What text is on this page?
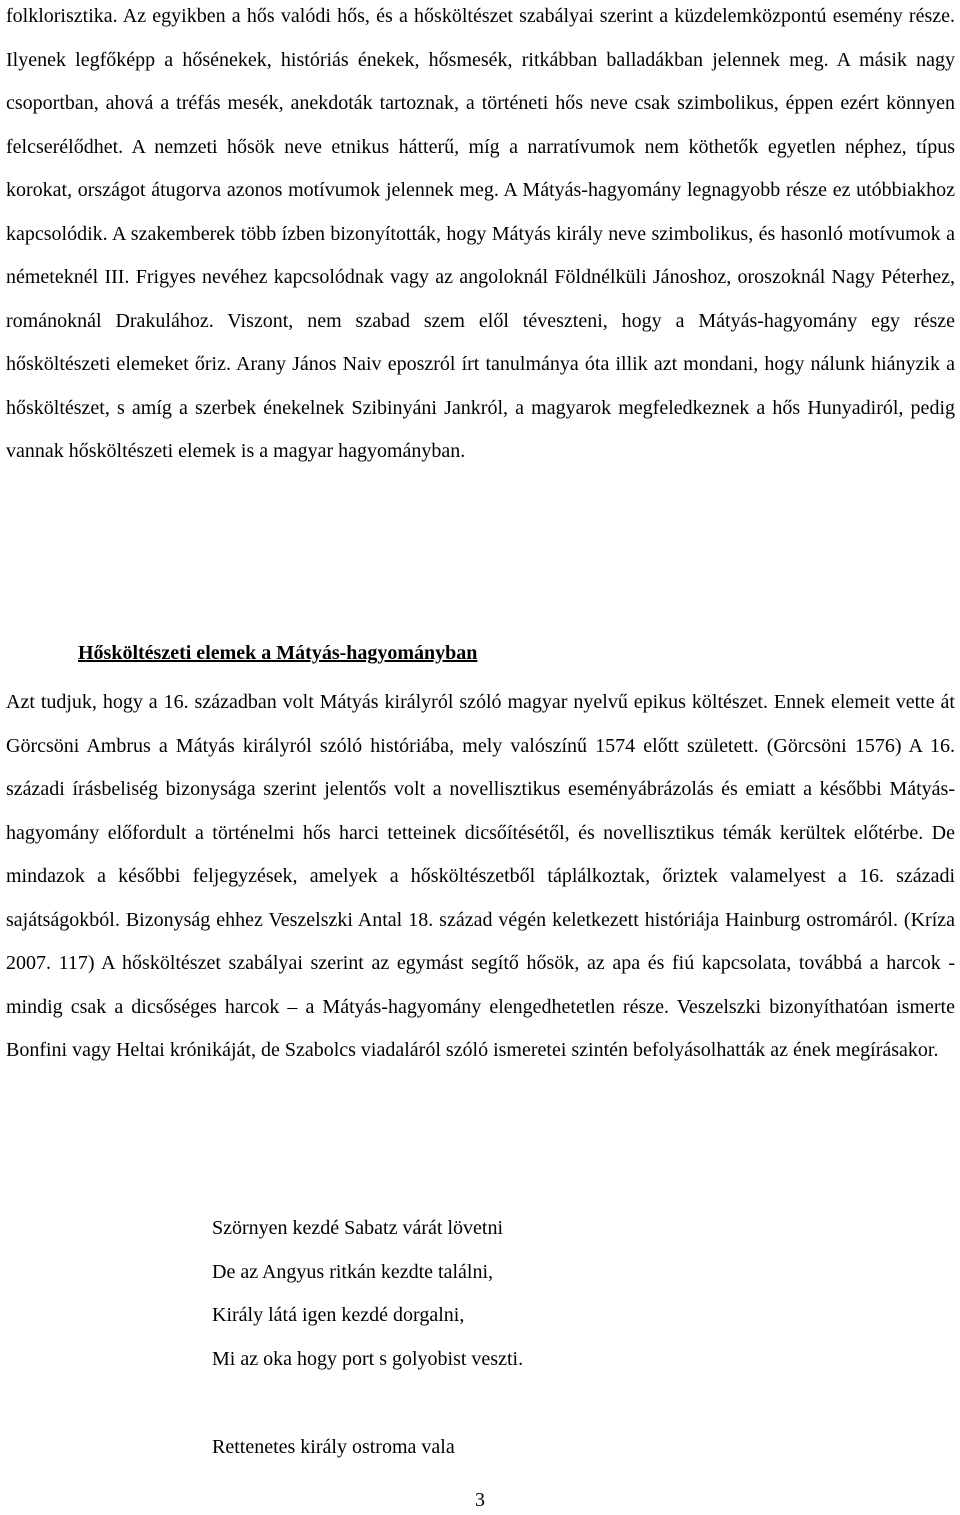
folklorisztika. Az egyikben a hős valódi hős, és a hősköltészet szabályai szerint a küzdelemközpontú esemény része. Ilyenek legfőképp a hősénekek, históriás énekek, hősmesék, ritkábban balladákban jelennek meg. A másik nagy csoportban, ahová a tréfás mesék, anekdoták tartoznak, a történeti hős neve csak szimbolikus, éppen ezért könnyen felcserélődhet. A nemzeti hősök neve etnikus hátterű, míg a narratívumok nem köthetők egyetlen néphez, típus korokat, országot átugorva azonos motívumok jelennek meg. A Mátyás-hagyomány legnagyobb része ez utóbbiakhoz kapcsolódik. A szakemberek több ízben bizonyították, hogy Mátyás király neve szimbolikus, és hasonló motívumok a németeknél III. Frigyes nevéhez kapcsolódnak vagy az angoloknál Földnélküli Jánoshoz, oroszoknál Nagy Péterhez, románoknál Drakulához. Viszont, nem szabad szem elől téveszteni, hogy a Mátyás-hagyomány egy része hősköltészeti elemeket őriz. Arany János Naiv eposzról írt tanulmánya óta illik azt mondani, hogy nálunk hiányzik a hősköltészet, s amíg a szerbek énekelnek Szibinyáni Jankról, a magyarok megfeledkeznek a hős Hunyadiról, pedig vannak hősköltészeti elemek is a magyar hagyományban.

Hősköltészeti elemek a Mátyás-hagyományban

Azt tudjuk, hogy a 16. században volt Mátyás királyról szóló magyar nyelvű epikus költészet. Ennek elemeit vette át Görcsöni Ambrus a Mátyás királyról szóló históriába, mely valószínű 1574 előtt született. (Görcsöni 1576) A 16. századi írásbeliség bizonysága szerint jelentős volt a novellisztikus eseményábrázolás és emiatt a későbbi Mátyás-hagyomány előfordult a történelmi hős harci tetteinek dicsőítésétől, és novellisztikus témák kerültek előtérbe. De mindazok a későbbi feljegyzések, amelyek a hősköltészetből táplálkoztak, őriztek valamelyest a 16. századi sajátságokból. Bizonyság ehhez Veszelszki Antal 18. század végén keletkezett históriája Hainburg ostromáról. (Kríza 2007. 117) A hősköltészet szabályai szerint az egymást segítő hősök, az apa és fiú kapcsolata, továbbá a harcok - mindig csak a dicsőséges harcok – a Mátyás-hagyomány elengedhetetlen része. Veszelszki bizonyíthatóan ismerte Bonfini vagy Heltai krónikáját, de Szabolcs viadaláról szóló ismeretei szintén befolyásolhatták az ének megírásakor.

Szörnyen kezdé Sabatz várát lövetni
De az Angyus ritkán kezdte találni,
Király látá igen kezdé dorgalni,
Mi az oka hogy port s golyobist veszti.
Rettenetes király ostroma vala
3
